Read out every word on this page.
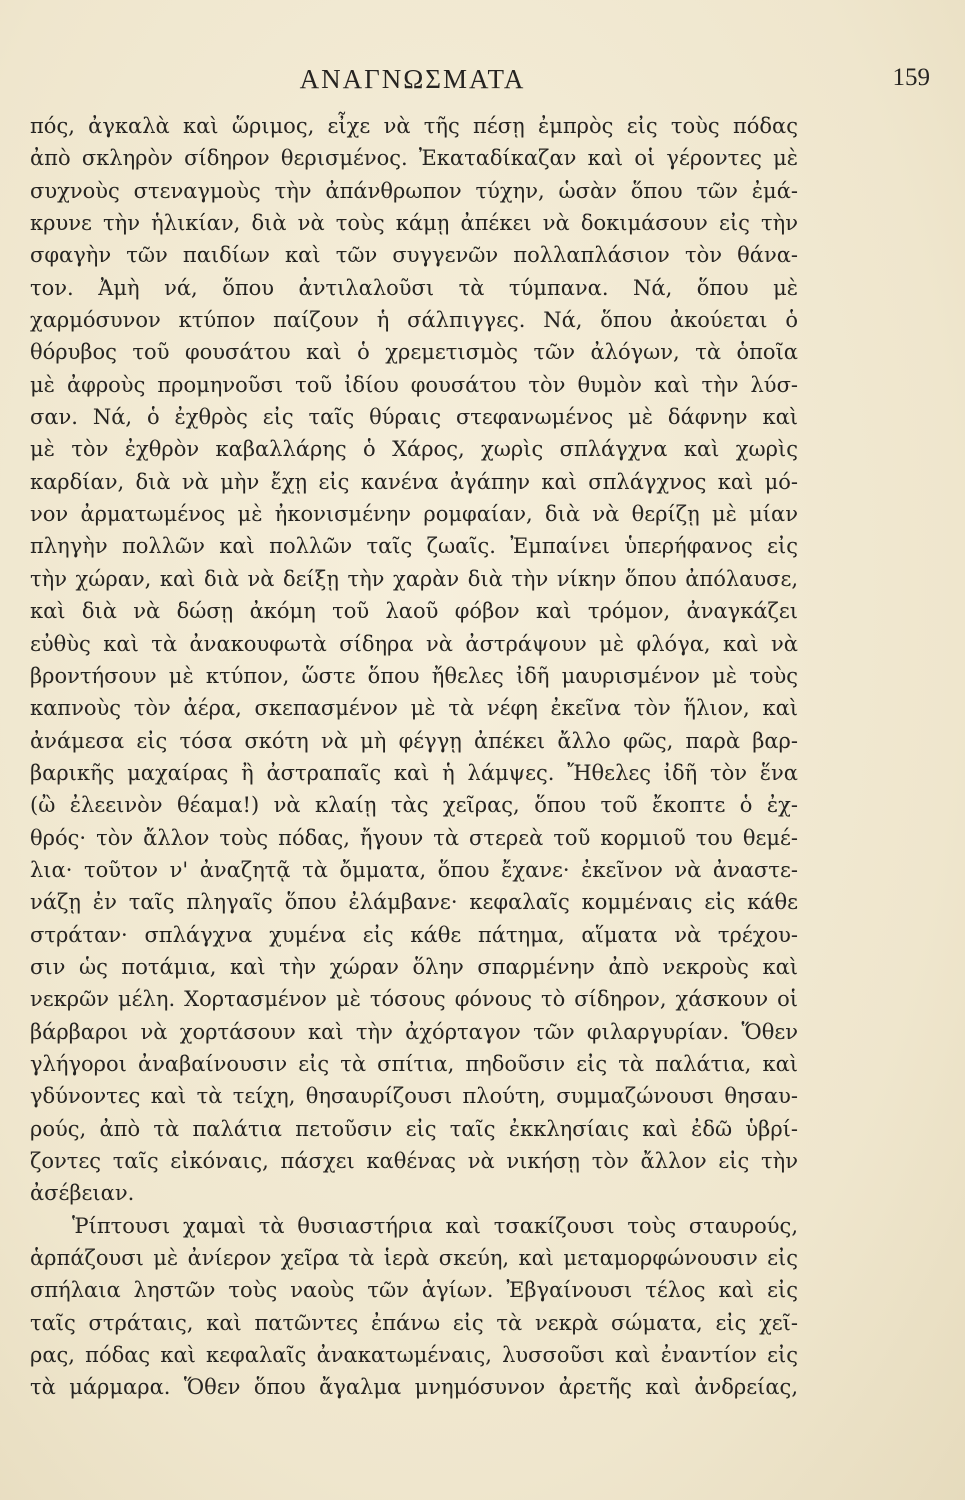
ΑΝΑΓΝΩΣΜΑΤΑ	159
πός, ἀγκαλὰ καὶ ὥριμος, εἶχε νὰ τῆς πέσῃ ἐμπρὸς εἰς τοὺς πόδας
ἀπὸ σκληρὸν σίδηρον θερισμένος. Ἐκαταδίκαζαν καὶ οἱ γέροντες μὲ
συχνοὺς στεναγμοὺς τὴν ἀπάνθρωπον τύχην, ὡσὰν ὅπου τῶν ἐμά-
κρυνε τὴν ἡλικίαν, διὰ νὰ τοὺς κάμῃ ἀπέκει νὰ δοκιμάσουν εἰς τὴν
σφαγὴν τῶν παιδίων καὶ τῶν συγγενῶν πολλαπλάσιον τὸν θάνα-
τον. Ἀμὴ νά, ὅπου ἀντιλαλοῦσι τὰ τύμπανα. Νά, ὅπου μὲ
χαρμόσυνον κτύπον παίζουν ἡ σάλπιγγες. Νά, ὅπου ἀκούεται ὁ
θόρυβος τοῦ φουσάτου καὶ ὁ χρεμετισμὸς τῶν ἀλόγων, τὰ ὁποῖα
μὲ ἀφροὺς προμηνοῦσι τοῦ ἰδίου φουσάτου τὸν θυμὸν καὶ τὴν λύσ-
σαν. Νά, ὁ ἐχθρὸς εἰς ταῖς θύραις στεφανωμένος μὲ δάφνην καὶ
μὲ τὸν ἐχθρὸν καβαλλάρης ὁ Χάρος, χωρὶς σπλάγχνα καὶ χωρὶς
καρδίαν, διὰ νὰ μὴν ἔχῃ εἰς κανένα ἀγάπην καὶ σπλάγχνος καὶ μό-
νον ἀρματωμένος μὲ ἠκονισμένην ρομφαίαν, διὰ νὰ θερίζῃ μὲ μίαν
πληγὴν πολλῶν καὶ πολλῶν ταῖς ζωαῖς. Ἐμπαίνει ὑπερήφανος εἰς
τὴν χώραν, καὶ διὰ νὰ δείξῃ τὴν χαρὰν διὰ τὴν νίκην ὅπου ἀπόλαυσε,
καὶ διὰ νὰ δώσῃ ἀκόμη τοῦ λαοῦ φόβον καὶ τρόμον, ἀναγκάζει
εὐθὺς καὶ τὰ ἀνακουφωτὰ σίδηρα νὰ ἀστράψουν μὲ φλόγα, καὶ νὰ
βροντήσουν μὲ κτύπον, ὥστε ὅπου ἤθελες ἰδῆ μαυρισμένον μὲ τοὺς
καπνοὺς τὸν ἀέρα, σκεπασμένον μὲ τὰ νέφη ἐκεῖνα τὸν ἥλιον, καὶ
ἀνάμεσα εἰς τόσα σκότη νὰ μὴ φέγγῃ ἀπέκει ἄλλο φῶς, παρὰ βαρ-
βαρικῆς μαχαίρας ἢ ἀστραπαῖς καὶ ἡ λάμψες. Ἤθελες ἰδῆ τὸν ἕνα
(ὢ ἐλεεινὸν θέαμα!) νὰ κλαίῃ τὰς χεῖρας, ὅπου τοῦ ἔκοπτε ὁ ἐχ-
θρός· τὸν ἄλλον τοὺς πόδας, ἤγουν τὰ στερεὰ τοῦ κορμιοῦ του θεμέ-
λια· τοῦτον ν' ἀναζητᾷ τὰ ὄμματα, ὅπου ἔχανε· ἐκεῖνον νὰ ἀναστε-
νάζῃ ἐν ταῖς πληγαῖς ὅπου ἐλάμβανε· κεφαλαῖς κομμέναις εἰς κάθε
στράταν· σπλάγχνα χυμένα εἰς κάθε πάτημα, αἵματα νὰ τρέχου-
σιν ὡς ποτάμια, καὶ τὴν χώραν ὅλην σπαρμένην ἀπὸ νεκροὺς καὶ
νεκρῶν μέλη. Χορτασμένον μὲ τόσους φόνους τὸ σίδηρον, χάσκουν οἱ
βάρβαροι νὰ χορτάσουν καὶ τὴν ἀχόρταγον τῶν φιλαργυρίαν. Ὅθεν
γλήγοροι ἀναβαίνουσιν εἰς τὰ σπίτια, πηδοῦσιν εἰς τὰ παλάτια, καὶ
γδύνοντες καὶ τὰ τείχη, θησαυρίζουσι πλούτη, συμμαζώνουσι θησαυ-
ρούς, ἀπὸ τὰ παλάτια πετοῦσιν εἰς ταῖς ἐκκλησίαις καὶ ἐδῶ ὑβρί-
ζοντες ταῖς εἰκόναις, πάσχει καθένας νὰ νικήσῃ τὸν ἄλλον εἰς τὴν
ἀσέβειαν.
Ῥίπτουσι χαμαὶ τὰ θυσιαστήρια καὶ τσακίζουσι τοὺς σταυρούς,
ἁρπάζουσι μὲ ἀνίερον χεῖρα τὰ ἱερὰ σκεύη, καὶ μεταμορφώνουσιν εἰς
σπήλαια ληστῶν τοὺς ναοὺς τῶν ἁγίων. Ἐβγαίνουσι τέλος καὶ εἰς
ταῖς στράταις, καὶ πατῶντες ἐπάνω εἰς τὰ νεκρὰ σώματα, εἰς χεῖ-
ρας, πόδας καὶ κεφαλαῖς ἀνακατωμέναις, λυσσοῦσι καὶ ἐναντίον εἰς
τὰ μάρμαρα. Ὅθεν ὅπου ἄγαλμα μνημόσυνον ἀρετῆς καὶ ἀνδρείας,
